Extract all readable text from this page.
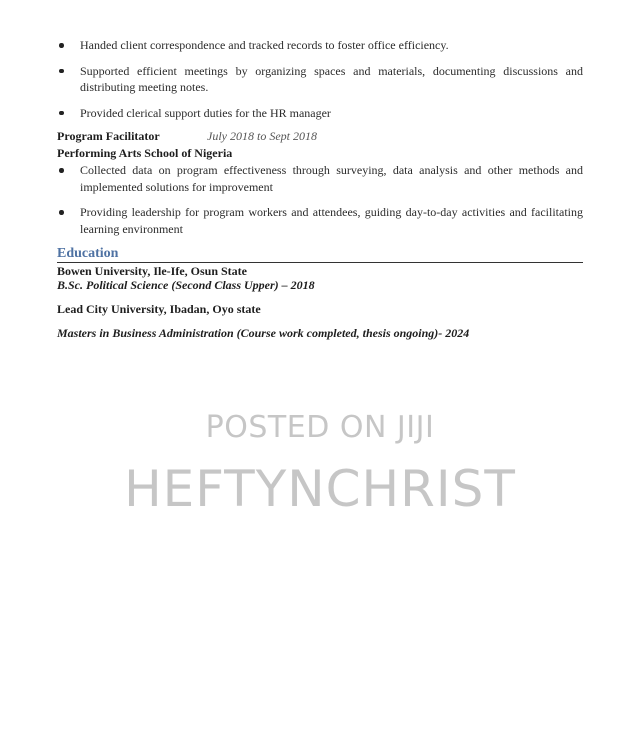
Handed client correspondence and tracked records to foster office efficiency.
Supported efficient meetings by organizing spaces and materials, documenting discussions and distributing meeting notes.
Provided clerical support duties for the HR manager
Program Facilitator	July 2018 to Sept 2018
Performing Arts School of Nigeria
Collected data on program effectiveness through surveying, data analysis and other methods and implemented solutions for improvement
Providing leadership for program workers and attendees, guiding day-to-day activities and facilitating learning environment
Education
Bowen University, Ile-Ife, Osun State
B.Sc. Political Science (Second Class Upper) – 2018
Lead City University, Ibadan, Oyo state
Masters in Business Administration (Course work completed, thesis ongoing)- 2024
POSTED ON JIJI
HEFTYNCHRIST
